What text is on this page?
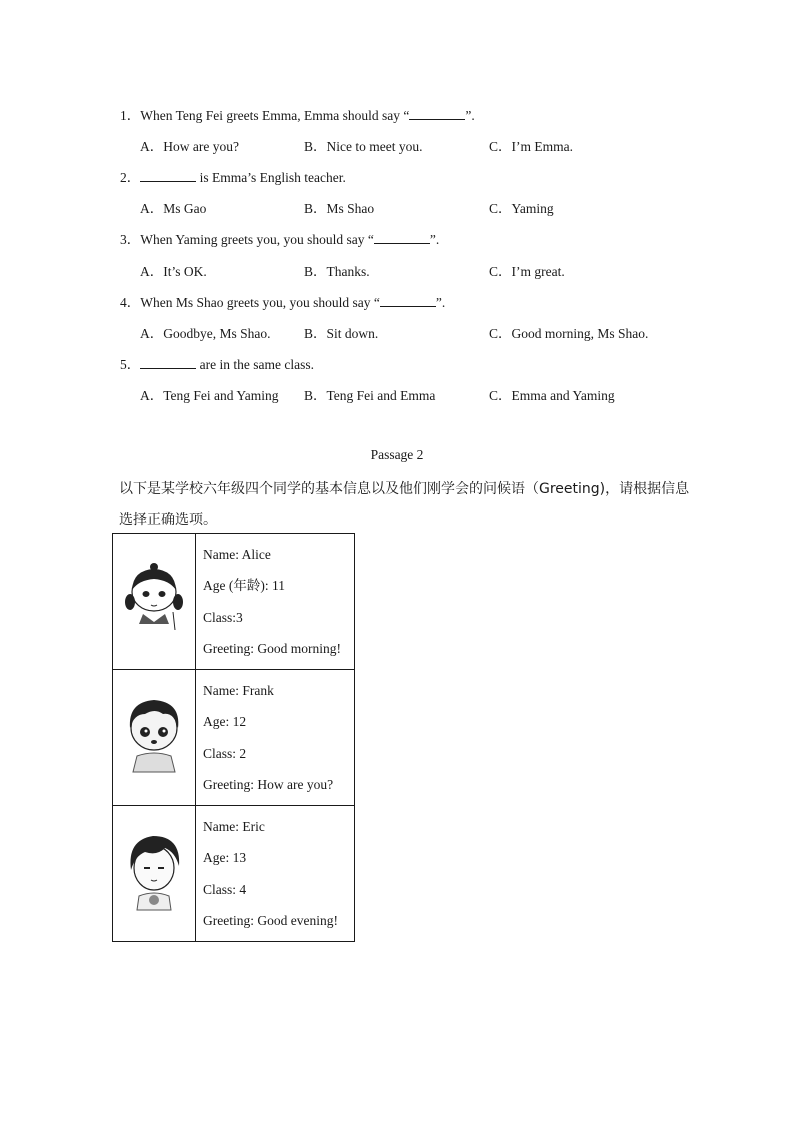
1．When Teng Fei greets Emma, Emma should say “	”.
A．How are you?	B．Nice to meet you.	C．I’m Emma.
2．	is Emma’s English teacher.
A．Ms Gao	B．Ms Shao	C．Yaming
3．When Yaming greets you, you should say “	”.
A．It’s OK.	B．Thanks.	C．I’m great.
4．When Ms Shao greets you, you should say “	”.
A．Goodbye, Ms Shao. B．Sit down.	C．Good morning, Ms Shao.
5．	are in the same class.
A．Teng Fei and Yaming B．Teng Fei and Emma	C．Emma and Yaming
Passage 2
以下是某学校六年级四个同学的基本信息以及他们刚学会的问候语（Greeting)，请根据信息
选择正确选项。

Name: Alice
Age (年龄): 11
Class:3
Greeting: Good morning!

Name: Frank
Age: 12
Class: 2
Greeting: How are you?

Name: Eric
Age: 13
Class: 4
Greeting: Good evening!
